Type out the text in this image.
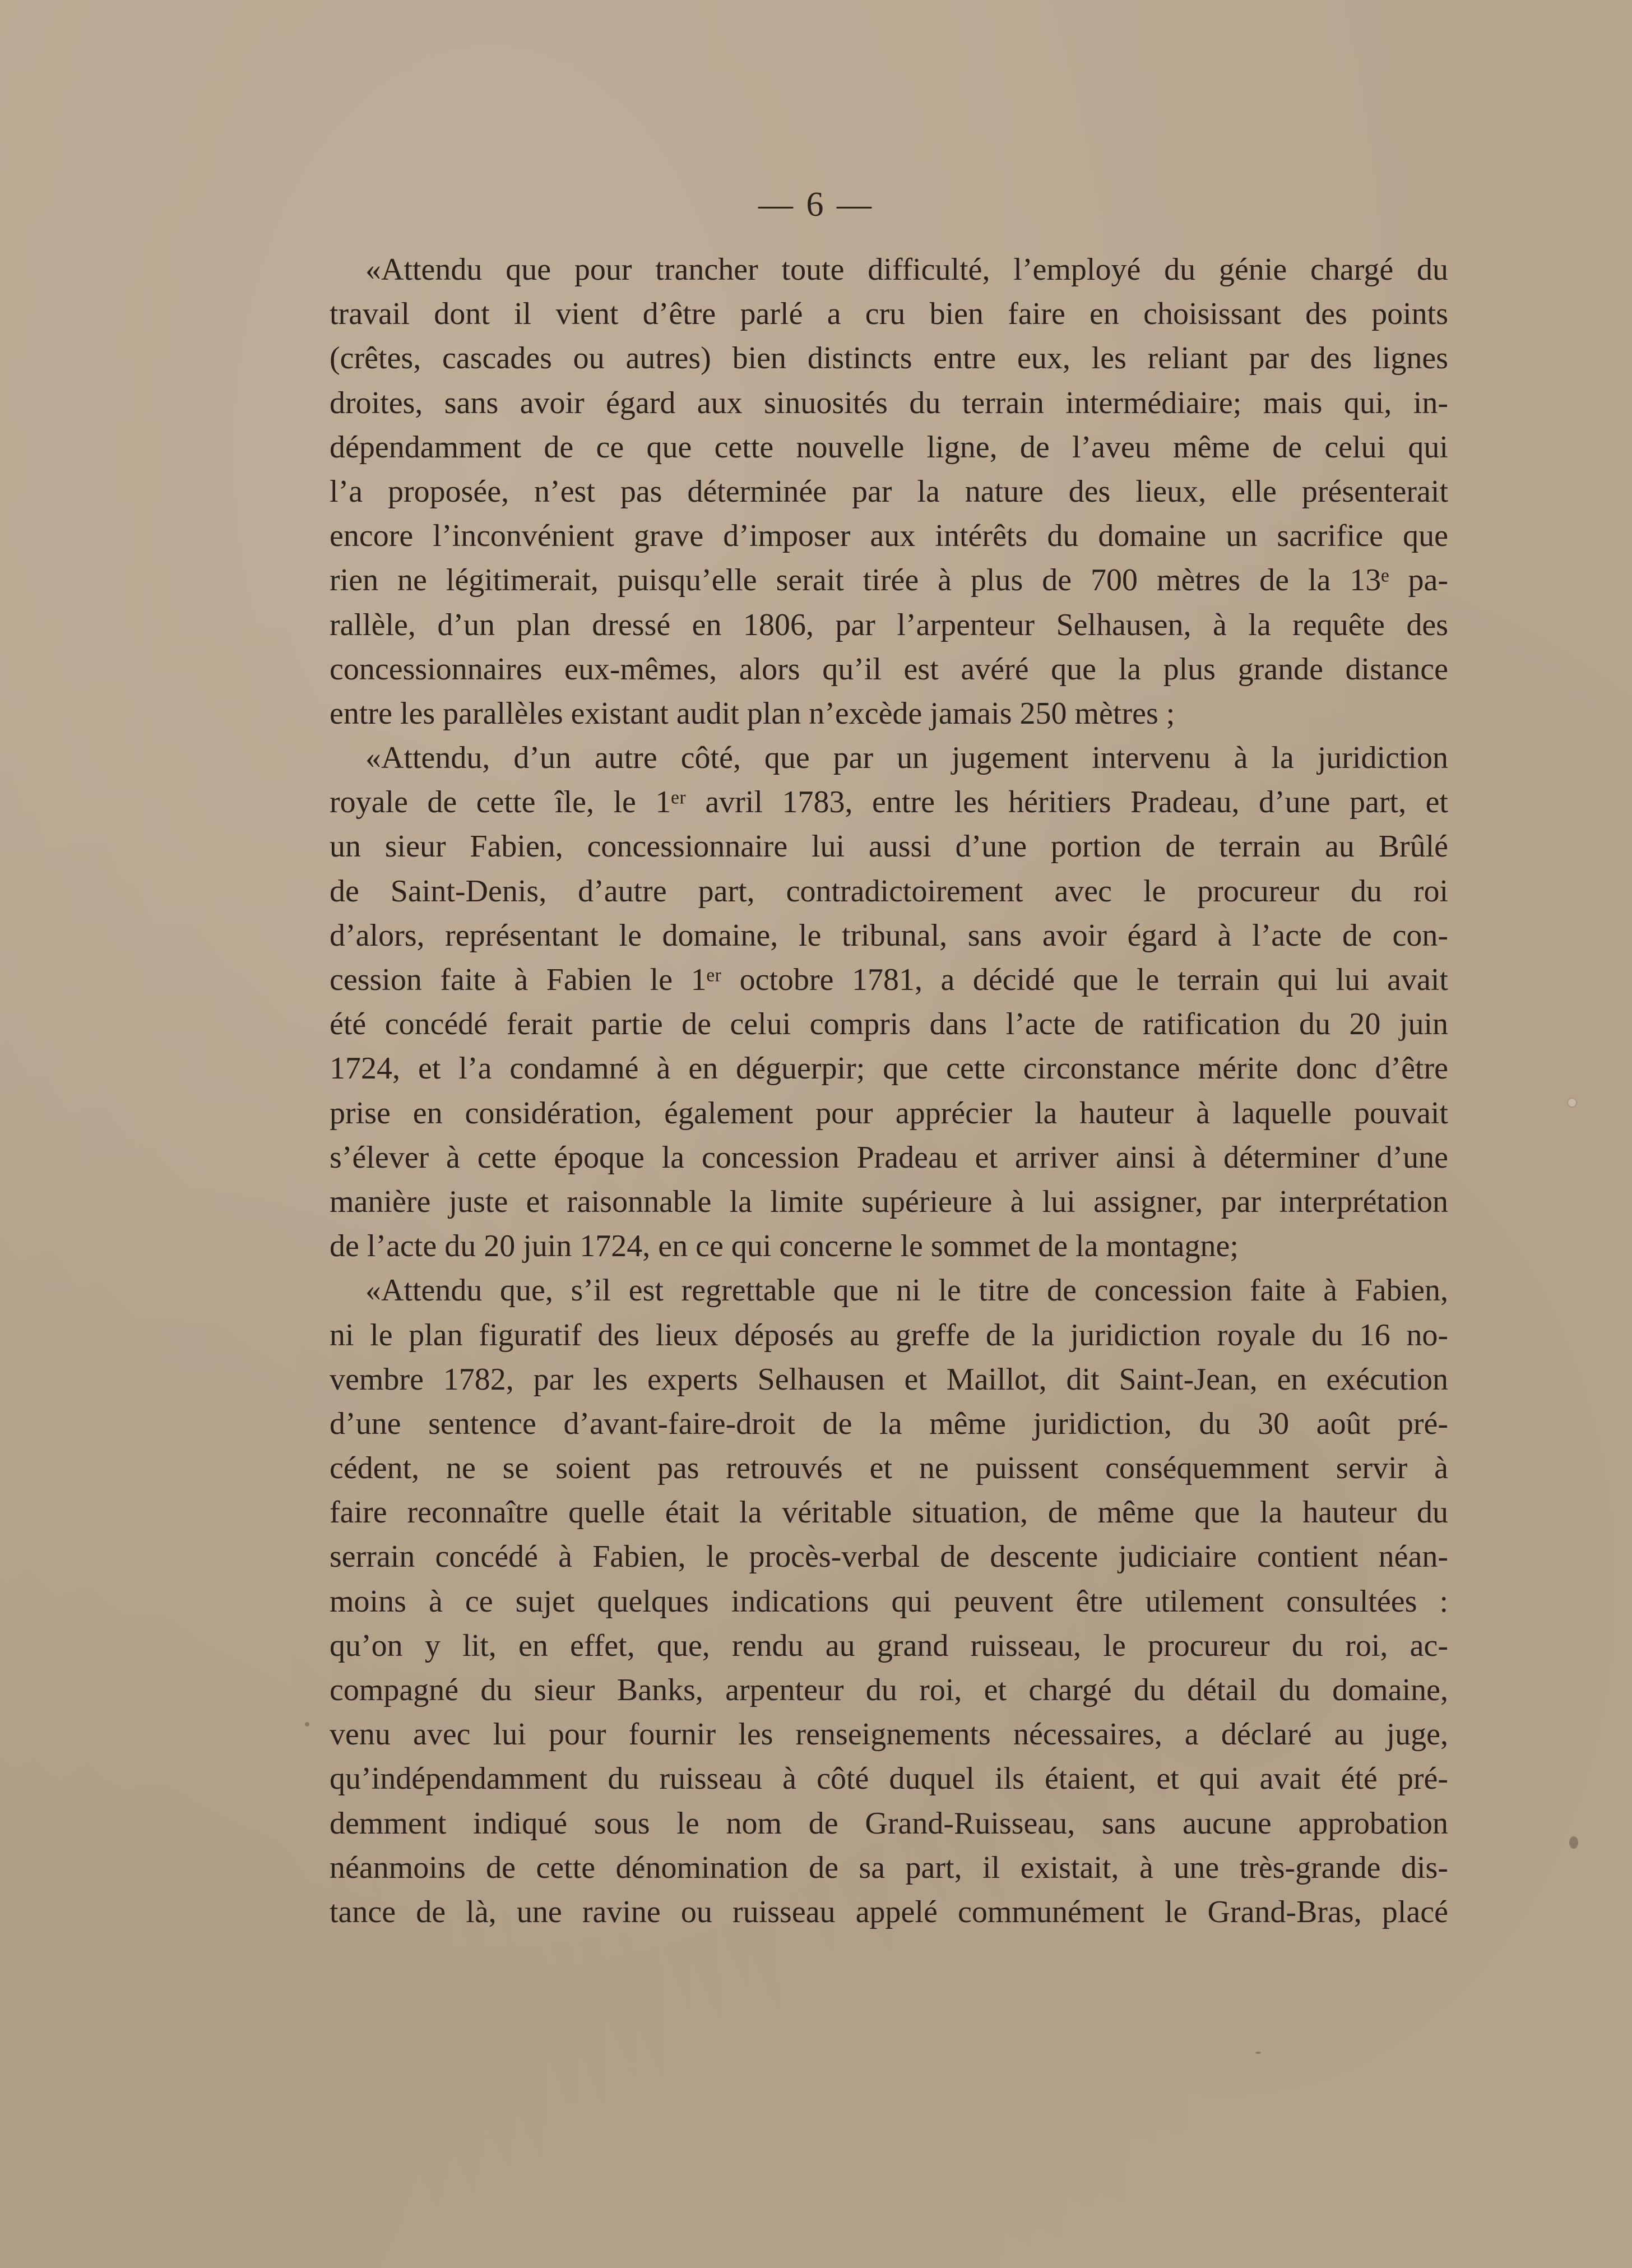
— 6 —
«Attendu que pour trancher toute difficulté, l’employé du génie chargé du
travail dont il vient d’être parlé a cru bien faire en choisissant des points
(crêtes, cascades ou autres) bien distincts entre eux, les reliant par des lignes
droites, sans avoir égard aux sinuosités du terrain intermédiaire; mais qui, in-
dépendamment de ce que cette nouvelle ligne, de l’aveu même de celui qui
l’a proposée, n’est pas déterminée par la nature des lieux, elle présenterait
encore l’inconvénient grave d’imposer aux intérêts du domaine un sacrifice que
rien ne légitimerait, puisqu’elle serait tirée à plus de 700 mètres de la 13ᵉ pa-
rallèle, d’un plan dressé en 1806, par l’arpenteur Selhausen, à la requête des
concessionnaires eux-mêmes, alors qu’il est avéré que la plus grande distance
entre les parallèles existant audit plan n’excède jamais 250 mètres ;
«Attendu, d’un autre côté, que par un jugement intervenu à la juridiction
royale de cette île, le 1ᵉʳ avril 1783, entre les héritiers Pradeau, d’une part, et
un sieur Fabien, concessionnaire lui aussi d’une portion de terrain au Brûlé
de Saint-Denis, d’autre part, contradictoirement avec le procureur du roi
d’alors, représentant le domaine, le tribunal, sans avoir égard à l’acte de con-
cession faite à Fabien le 1ᵉʳ octobre 1781, a décidé que le terrain qui lui avait
été concédé ferait partie de celui compris dans l’acte de ratification du 20 juin
1724, et l’a condamné à en déguerpir; que cette circonstance mérite donc d’être
prise en considération, également pour apprécier la hauteur à laquelle pouvait
s’élever à cette époque la concession Pradeau et arriver ainsi à déterminer d’une
manière juste et raisonnable la limite supérieure à lui assigner, par interprétation
de l’acte du 20 juin 1724, en ce qui concerne le sommet de la montagne;
«Attendu que, s’il est regrettable que ni le titre de concession faite à Fabien,
ni le plan figuratif des lieux déposés au greffe de la juridiction royale du 16 no-
vembre 1782, par les experts Selhausen et Maillot, dit Saint-Jean, en exécution
d’une sentence d’avant-faire-droit de la même juridiction, du 30 août pré-
cédent, ne se soient pas retrouvés et ne puissent conséquemment servir à
faire reconnaître quelle était la véritable situation, de même que la hauteur du
serrain concédé à Fabien, le procès-verbal de descente judiciaire contient néan-
moins à ce sujet quelques indications qui peuvent être utilement consultées :
qu’on y lit, en effet, que, rendu au grand ruisseau, le procureur du roi, ac-
compagné du sieur Banks, arpenteur du roi, et chargé du détail du domaine,
venu avec lui pour fournir les renseignements nécessaires, a déclaré au juge,
qu’indépendamment du ruisseau à côté duquel ils étaient, et qui avait été pré-
demment indiqué sous le nom de Grand-Ruisseau, sans aucune approbation
néanmoins de cette dénomination de sa part, il existait, à une très-grande dis-
tance de là, une ravine ou ruisseau appelé communément le Grand-Bras, placé
